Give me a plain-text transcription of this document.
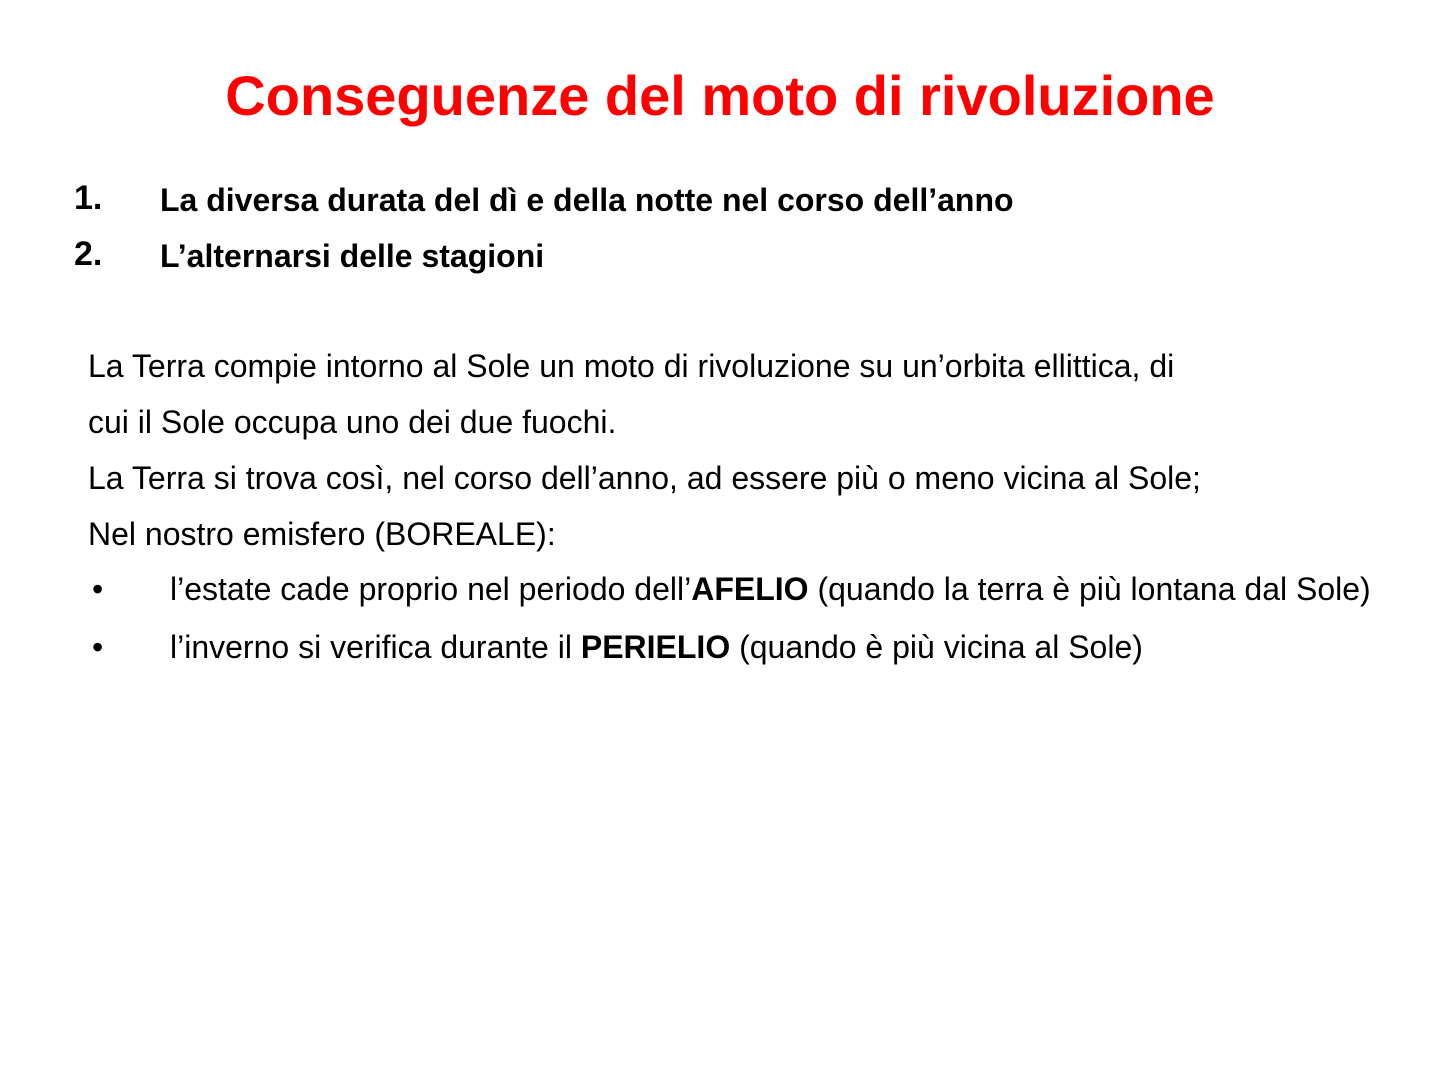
Conseguenze del moto di rivoluzione
1. La diversa durata del dì e della notte nel corso dell’anno
2. L’alternarsi delle stagioni

La Terra compie intorno al Sole un moto di rivoluzione su un’orbita ellittica, di

cui il Sole occupa uno dei due fuochi.

La Terra si trova così, nel corso dell’anno, ad essere più o meno vicina al Sole;

Nel nostro emisfero (BOREALE):

•	l’estate cade proprio nel periodo dell’AFELIO (quando la terra è più lontana dal Sole)
•	l’inverno si verifica durante il PERIELIO (quando è più vicina al Sole)
